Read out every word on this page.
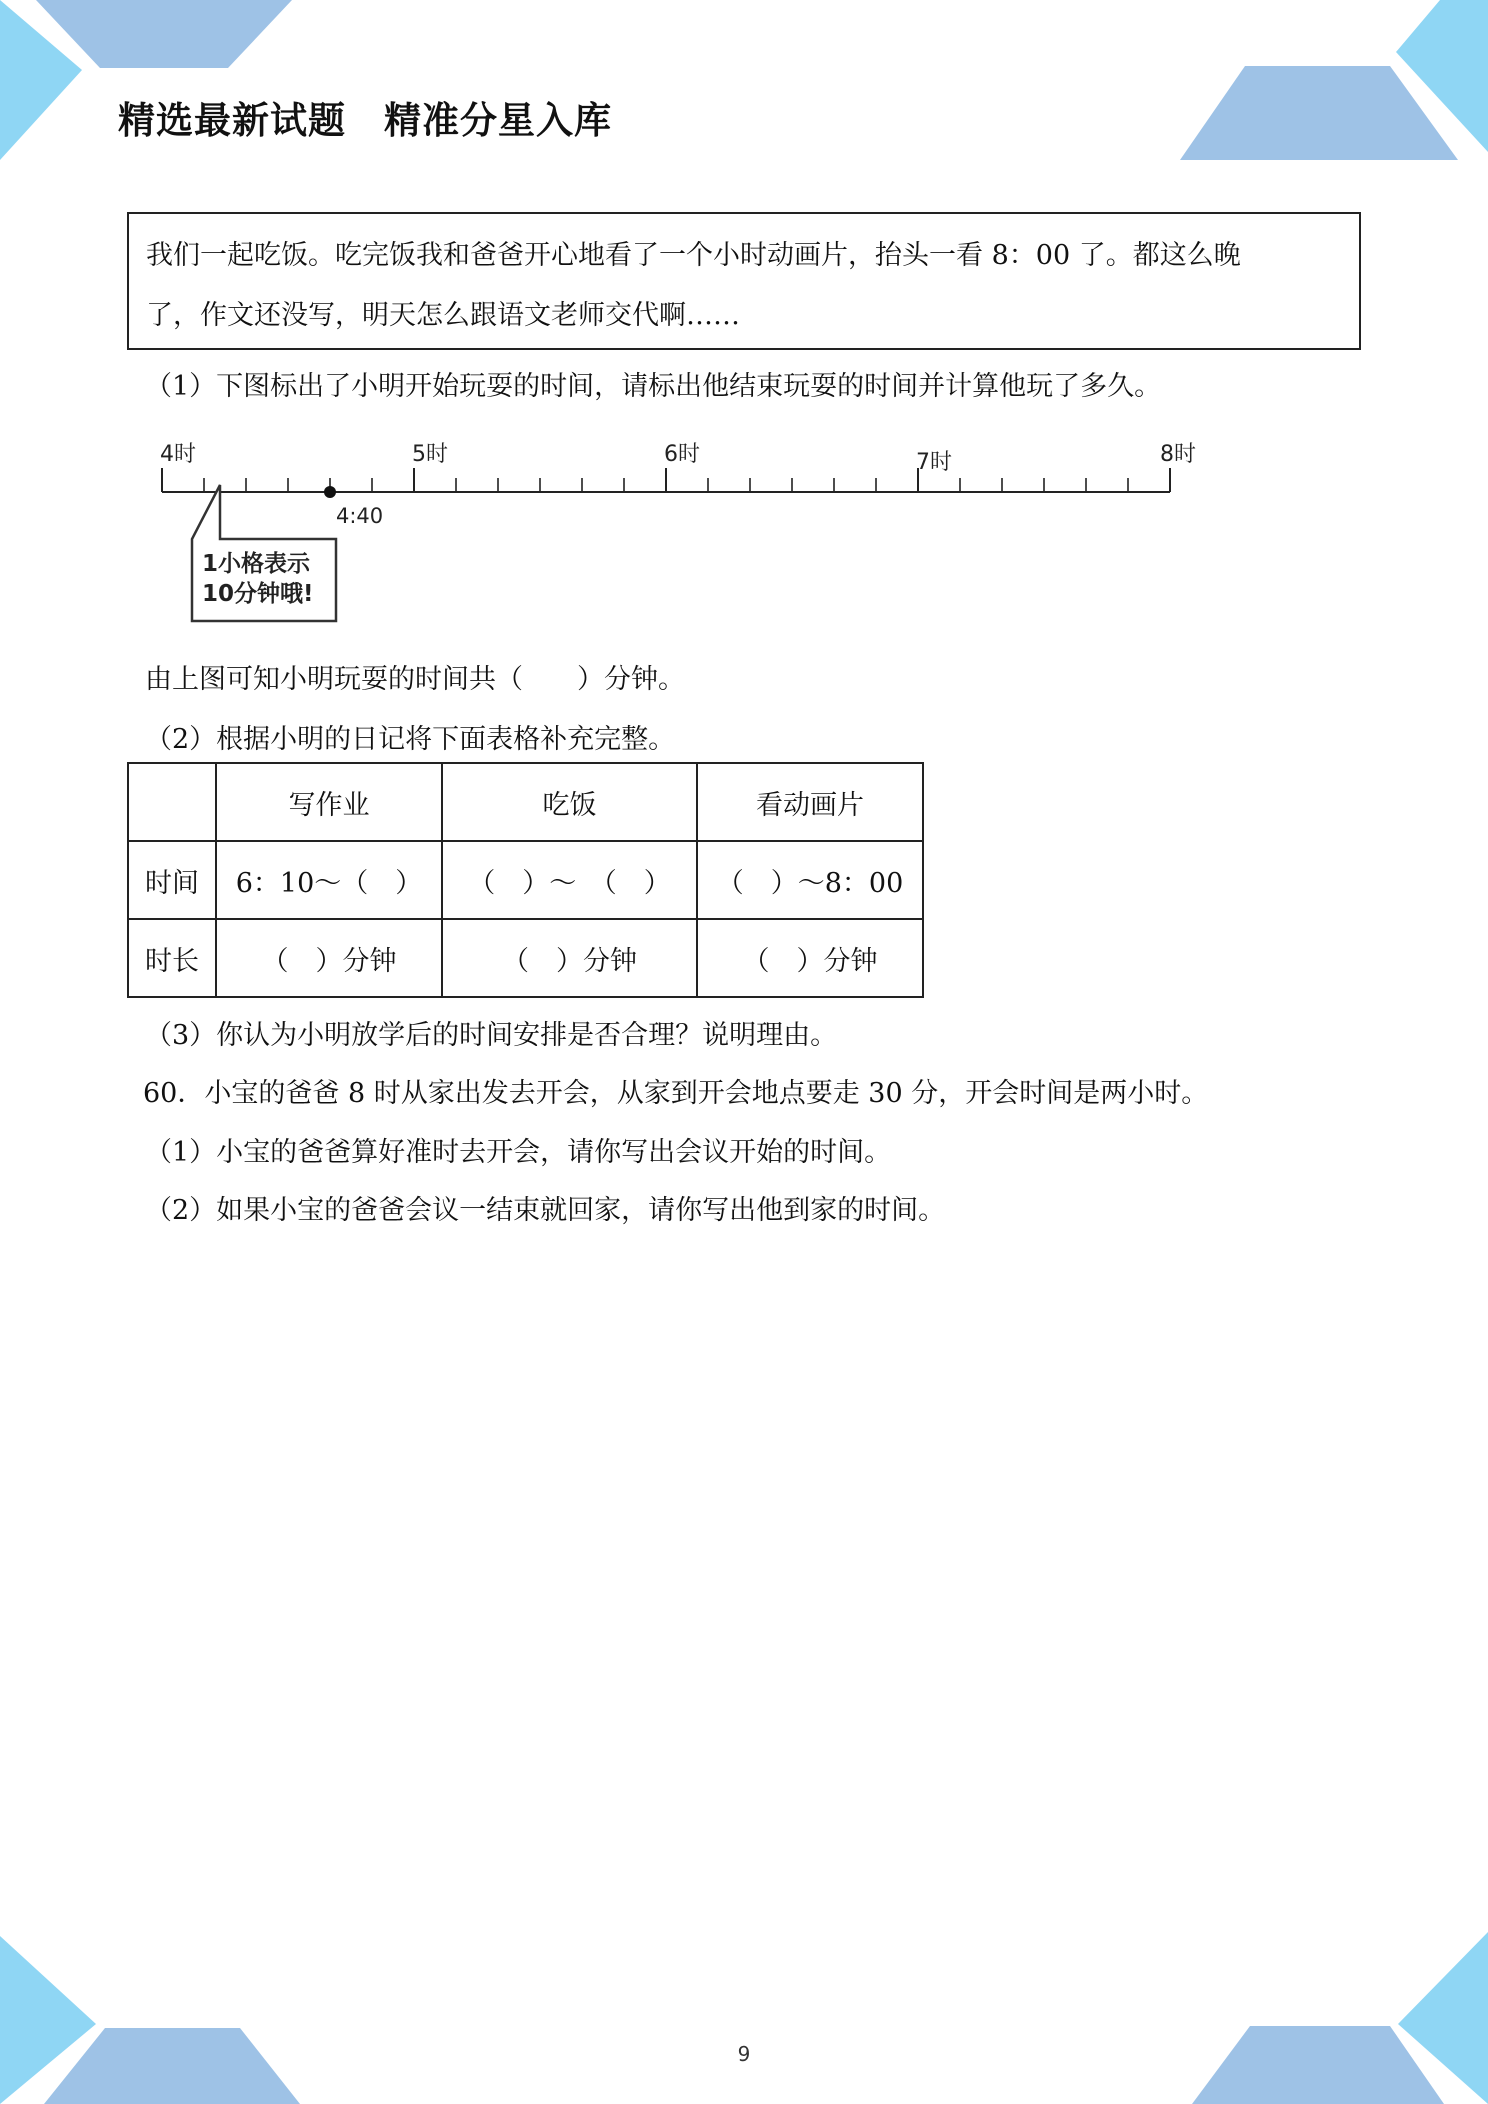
精选最新试题　精准分星入库
我们一起吃饭。吃完饭我和爸爸开心地看了一个小时动画片，抬头一看 8：00 了。都这么晚
了，作文还没写，明天怎么跟语文老师交代啊……
（1）下图标出了小明开始玩耍的时间，请标出他结束玩耍的时间并计算他玩了多久。
4时	5时	6时	7时	8时
4:40
1小格表示
10分钟哦!
由上图可知小明玩耍的时间共（　　）分钟。
（2）根据小明的日记将下面表格补充完整。
	写作业	吃饭	看动画片
时间	6：10～（　）	（　）～　（　）	（　）～8：00
时长	（　）分钟	（　）分钟	（　）分钟
（3）你认为小明放学后的时间安排是否合理？说明理由。
60．小宝的爸爸 8 时从家出发去开会，从家到开会地点要走 30 分，开会时间是两小时。
（1）小宝的爸爸算好准时去开会，请你写出会议开始的时间。
（2）如果小宝的爸爸会议一结束就回家，请你写出他到家的时间。
9
